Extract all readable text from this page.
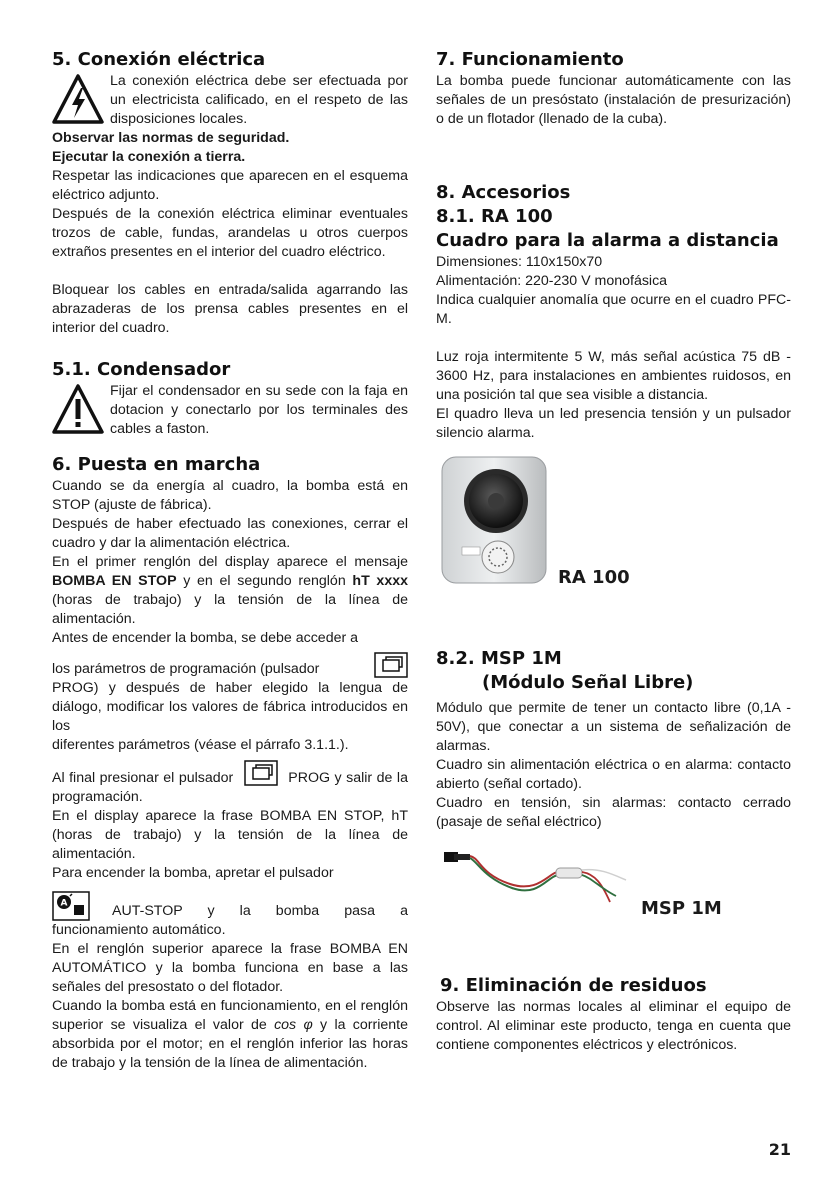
5. Conexión eléctrica

La conexión eléctrica debe ser efectuada por un electricista calificado, en el respeto de las disposiciones locales.

Observar las normas de seguridad.

Ejecutar la conexión a tierra.

Respetar las indicaciones que aparecen en el esquema eléctrico adjunto.

Después de la conexión eléctrica eliminar eventuales trozos de cable, fundas, arandelas u otros cuerpos extraños presentes en el interior del cuadro eléctrico.

Bloquear los cables en entrada/salida agarrando las abrazaderas de los prensa cables presentes en el interior del cuadro.

5.1. Condensador

Fijar el condensador en su sede con la faja en dotacion y conectarlo por los terminales des cables a faston.

6. Puesta en marcha

Cuando se da energía al cuadro, la bomba está en STOP (ajuste de fábrica).

Después de haber efectuado las conexiones, cerrar el cuadro y dar la alimentación eléctrica.

En el primer renglón del display aparece el mensaje BOMBA EN STOP y en el segundo renglón hT xxxx (horas de trabajo) y la tensión de la línea de alimentación.

Antes de encender la bomba, se debe acceder a

los parámetros de programación (pulsador

PROG) y después de haber elegido la lengua de diálogo, modificar los valores de fábrica introducidos en los

diferentes parámetros (véase el párrafo 3.1.1.).

Al final presionar el pulsador	PROG y salir de la programación.

En el display aparece la frase BOMBA EN STOP, hT (horas de trabajo) y la tensión de la línea de alimentación.

Para encender la bomba, apretar el pulsador

A	AUT-STOP y la bomba pasa a

funcionamiento automático.

En el renglón superior aparece la frase BOMBA EN AUTOMÁTICO y la bomba funciona en base a las señales del presostato o del flotador.

Cuando la bomba está en funcionamiento, en el renglón superior se visualiza el valor de cos φ y la corriente absorbida por el motor; en el renglón inferior las horas de trabajo y la tensión de la línea de alimentación.

7. Funcionamiento

La bomba puede funcionar automáticamente con las señales de un presóstato (instalación de presurización) o de un flotador (llenado de la cuba).

8. Accesorios
8.1. RA 100
Cuadro para la alarma a distancia

Dimensiones: 110x150x70

Alimentación: 220-230 V monofásica

Indica cualquier anomalía que ocurre en el cuadro PFC-M.

Luz roja intermitente 5 W, más señal acústica 75 dB - 3600 Hz, para instalaciones en ambientes ruidosos, en una posición tal que sea visible a distancia.

El quadro lleva un led presencia tensión y un pulsador silencio alarma.

RA 100
8.2. MSP 1M
(Módulo Señal Libre)

Módulo que permite de tener un contacto libre (0,1A - 50V), que conectar a un sistema de señalización de alarmas.

Cuadro sin alimentación eléctrica o en alarma: contacto abierto (señal cortado).

Cuadro en tensión, sin alarmas: contacto cerrado (pasaje de señal eléctrico)

MSP 1M
9. Eliminación de residuos

Observe las normas locales al eliminar el equipo de control. Al eliminar este producto, tenga en cuenta que contiene componentes eléctricos y electrónicos.

21
